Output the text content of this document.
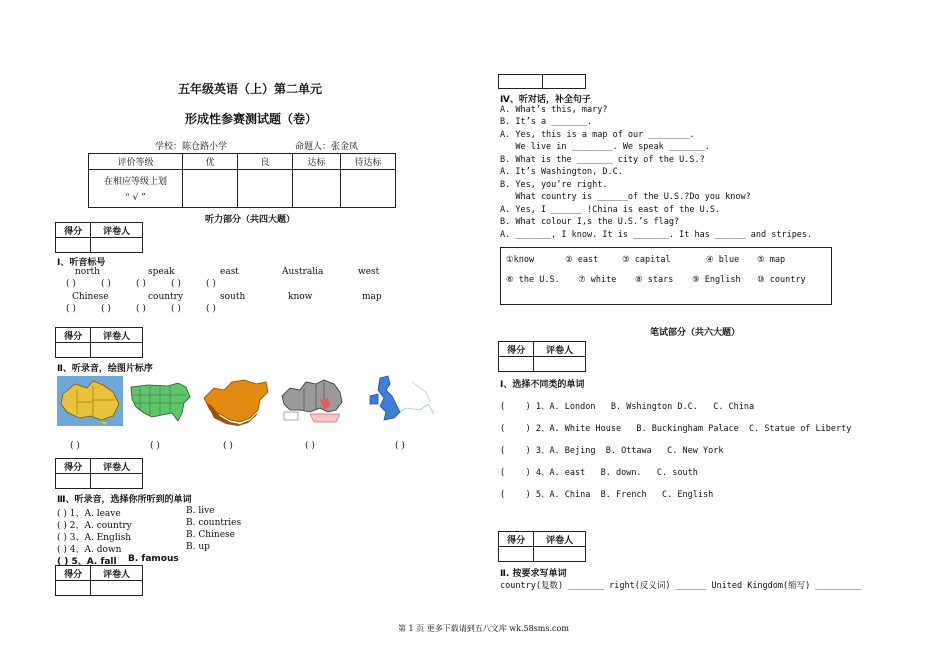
五年级英语（上）第二单元
形成性参赛测试题（卷）
学校：陈仓路小学	命题人：张金凤
评价等级	优	良	达标	待达标

在相应等级上划
“ √ ”				

听力部分（共四大题）
得分	评卷人

Ⅰ、听音标号
north	speak	east	Australia	west
( )	( )	( )	( )	( )
Chinese	country	south	know	map
( )	( )	( )	( )	( )
得分	评卷人

Ⅱ、听录音，绘图片标序
( )	( )	( )	( )	( )
得分	评卷人

Ⅲ、听录音，选择你所听到的单词
( ) 1、A. leave	B. live
( ) 2、A. country	B. countries
( ) 3、A. English	B. Chinese
( ) 4、A. down	B. up
( ) 5、A. fall B. famous
得分	评卷人

Ⅳ、听对话，补全句子
A. What’s this, mary?
B. It’s a _______.
A. Yes, this is a map of our ________.
We live in ________. We speak _______.
B. What is the _______ city of the U.S.?
A. It’s Washington, D.C.
B. Yes, you’re right.
What country is ______of the U.S.?Do you know?
A. Yes, I ______ !China is east of the U.S.
B. What colour I,s the U.S.’s flag?
A. _______, I know. It is _______. It has ______ and stripes.
①know	② east	③ capital	④ blue ⑤ map
⑥ the U.S. ⑦ white ⑧ stars ⑨ English ⑩ country
笔试部分（共六大题）
得分	评卷人

Ⅰ、选择不同类的单词
(    ) 1、A. London   B. Wshington D.C.   C. China
(    ) 2、A. White House   B. Buckingham Palace  C. Statue of Liberty
(    ) 3、A. Bejing  B. Ottawa   C. New York
(    ) 4、A. east   B. down.   C. south
(    ) 5、A. China  B. French   C. English
得分	评卷人

Ⅱ. 按要求写单词
country(复数) _______ right(反义词) ______ United Kingdom(缩写) _________
第 1 页 更多下载请到五八文库 wk.58sms.com
